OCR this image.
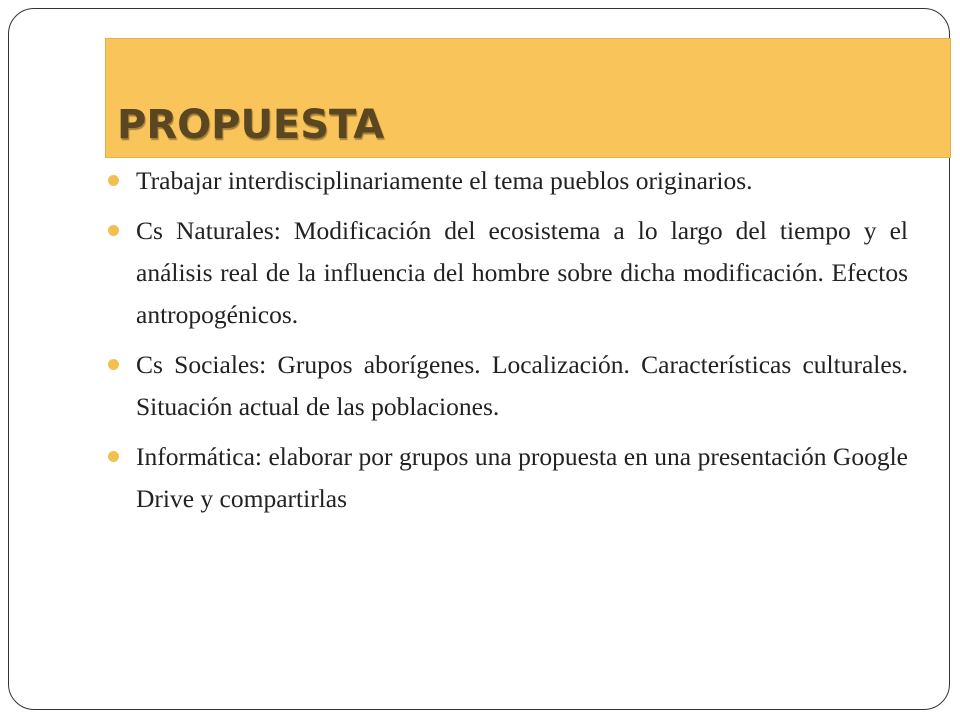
PROPUESTA
Trabajar interdisciplinariamente el tema pueblos originarios.
Cs Naturales: Modificación del ecosistema a lo largo del tiempo y el análisis real de la influencia del hombre sobre dicha modificación. Efectos antropogénicos.
Cs Sociales: Grupos aborígenes. Localización. Características culturales. Situación actual de las poblaciones.
Informática: elaborar por grupos una propuesta en una presentación Google Drive y compartirlas
